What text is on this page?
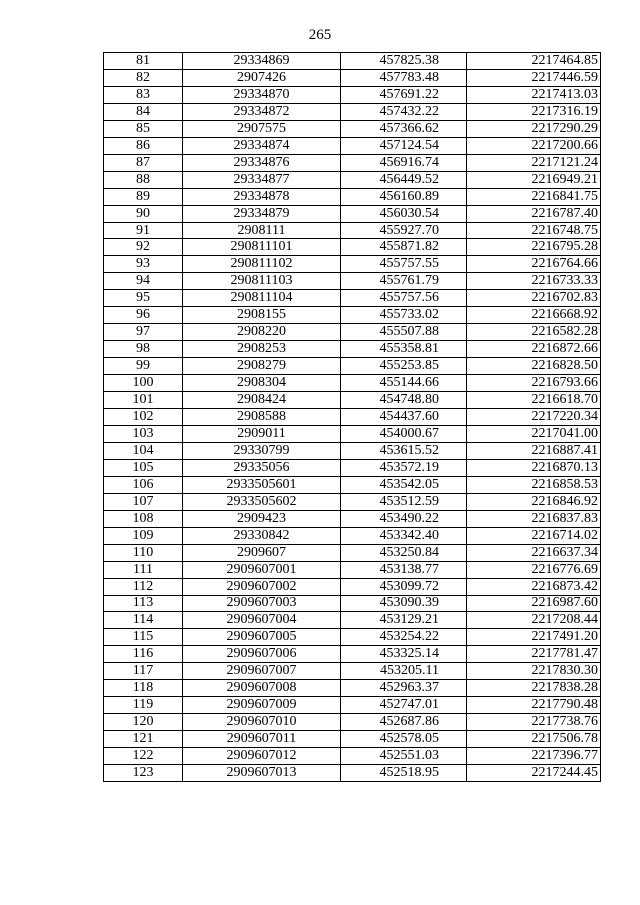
265
81	29334869	457825.38	2217464.85
82	2907426	457783.48	2217446.59
83	29334870	457691.22	2217413.03
84	29334872	457432.22	2217316.19
85	2907575	457366.62	2217290.29
86	29334874	457124.54	2217200.66
87	29334876	456916.74	2217121.24
88	29334877	456449.52	2216949.21
89	29334878	456160.89	2216841.75
90	29334879	456030.54	2216787.40
91	2908111	455927.70	2216748.75
92	290811101	455871.82	2216795.28
93	290811102	455757.55	2216764.66
94	290811103	455761.79	2216733.33
95	290811104	455757.56	2216702.83
96	2908155	455733.02	2216668.92
97	2908220	455507.88	2216582.28
98	2908253	455358.81	2216872.66
99	2908279	455253.85	2216828.50
100	2908304	455144.66	2216793.66
101	2908424	454748.80	2216618.70
102	2908588	454437.60	2217220.34
103	2909011	454000.67	2217041.00
104	29330799	453615.52	2216887.41
105	29335056	453572.19	2216870.13
106	2933505601	453542.05	2216858.53
107	2933505602	453512.59	2216846.92
108	2909423	453490.22	2216837.83
109	29330842	453342.40	2216714.02
110	2909607	453250.84	2216637.34
111	2909607001	453138.77	2216776.69
112	2909607002	453099.72	2216873.42
113	2909607003	453090.39	2216987.60
114	2909607004	453129.21	2217208.44
115	2909607005	453254.22	2217491.20
116	2909607006	453325.14	2217781.47
117	2909607007	453205.11	2217830.30
118	2909607008	452963.37	2217838.28
119	2909607009	452747.01	2217790.48
120	2909607010	452687.86	2217738.76
121	2909607011	452578.05	2217506.78
122	2909607012	452551.03	2217396.77
123	2909607013	452518.95	2217244.45
